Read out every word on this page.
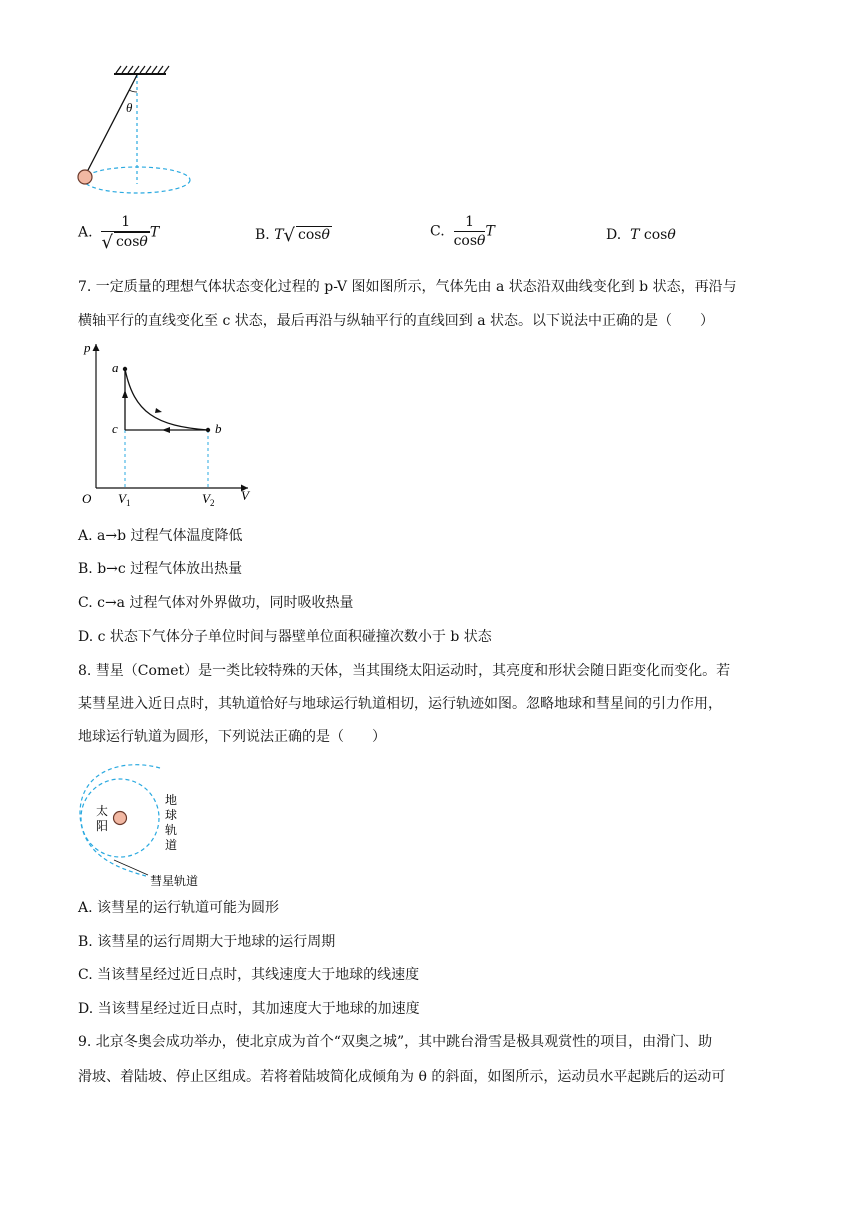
θ
A. $\frac{1}{√ \cos\theta}$ T	B. T√ cosθ	C. $\frac{1}{\cos\theta}$ T	D. T cosθ
7. 一定质量的理想气体状态变化过程的 p-V 图如图所示，气体先由 a 状态沿双曲线变化到 b 状态，再沿与
横轴平行的直线变化至 c 状态，最后再沿与纵轴平行的直线回到 a 状态。以下说法中正确的是（　　）
p
V
O
a
b
c
$V_1$	$V_2$
A. a→b 过程气体温度降低
B. b→c 过程气体放出热量
C. c→a 过程气体对外界做功，同时吸收热量
D. c 状态下气体分子单位时间与器壁单位面积碰撞次数小于 b 状态
8. 彗星（Comet）是一类比较特殊的天体，当其围绕太阳运动时，其亮度和形状会随日距变化而变化。若
某彗星进入近日点时，其轨道恰好与地球运行轨道相切，运行轨迹如图。忽略地球和彗星间的引力作用，
地球运行轨道为圆形，下列说法正确的是（　　）
太
阳
地
球
轨
道
彗星轨道
A. 该彗星的运行轨道可能为圆形
B. 该彗星的运行周期大于地球的运行周期
C. 当该彗星经过近日点时，其线速度大于地球的线速度
D. 当该彗星经过近日点时，其加速度大于地球的加速度
9. 北京冬奥会成功举办，使北京成为首个“双奥之城”，其中跳台滑雪是极具观赏性的项目，由滑门、助
滑坡、着陆坡、停止区组成。若将着陆坡简化成倾角为 θ 的斜面，如图所示，运动员水平起跳后的运动可
